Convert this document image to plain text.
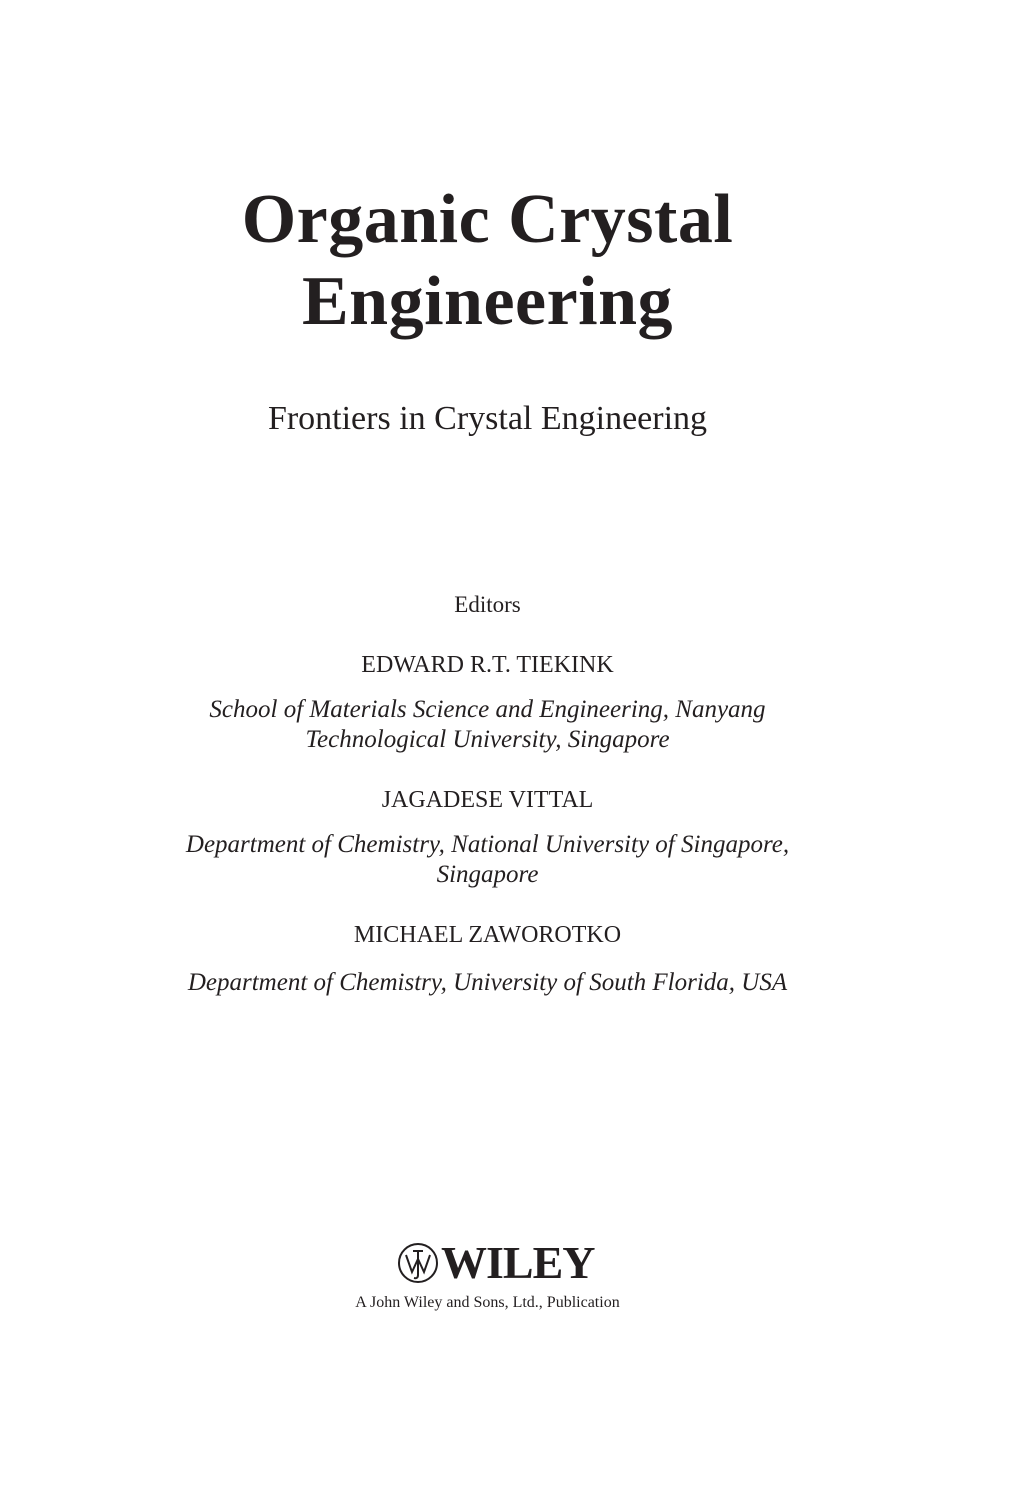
Organic Crystal
Engineering
Frontiers in Crystal Engineering
Editors
EDWARD R.T. TIEKINK
School of Materials Science and Engineering, Nanyang
Technological University, Singapore
JAGADESE VITTAL
Department of Chemistry, National University of Singapore,
Singapore
MICHAEL ZAWOROTKO
Department of Chemistry, University of South Florida, USA
WILEY
A John Wiley and Sons, Ltd., Publication
